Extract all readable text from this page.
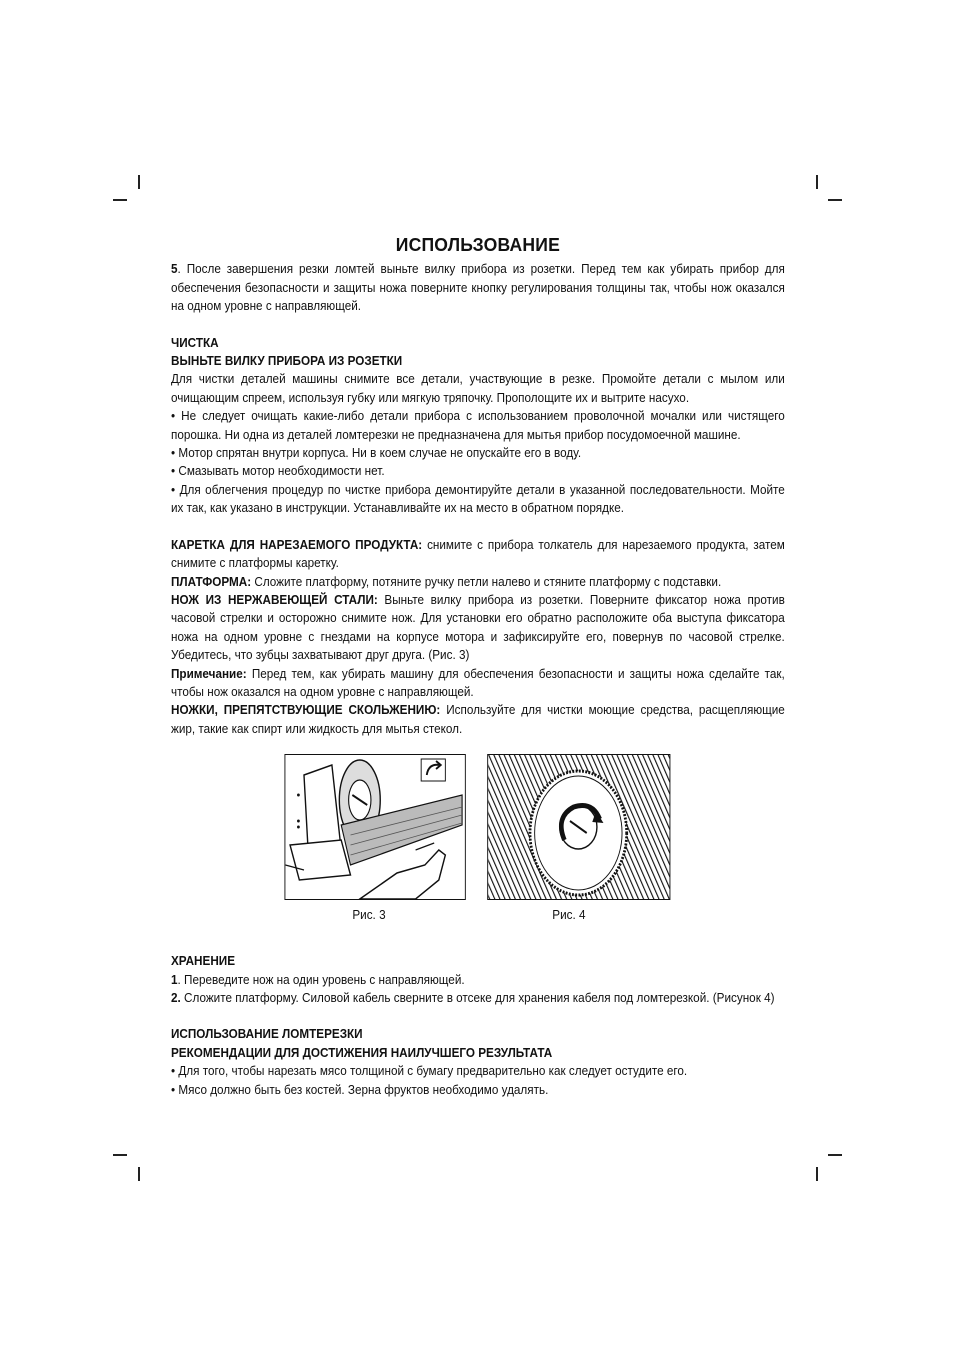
ИСПОЛЬЗОВАНИЕ

5. После завершения резки ломтей выньте вилку прибора из розетки. Перед тем как убирать прибор для обеспечения безопасности и защиты ножа поверните кнопку регулирования толщины так, чтобы нож оказался на одном уровне с направляющей.

ЧИСТКА

ВЫНЬТЕ ВИЛКУ ПРИБОРА ИЗ РОЗЕТКИ

Для чистки деталей машины снимите все детали, участвующие в резке. Промойте детали с мылом или очищающим спреем, используя губку или мягкую тряпочку. Прополощите их и вытрите насухо.

• Не следует очищать какие-либо детали прибора с использованием проволочной мочалки или чистящего порошка. Ни одна из деталей ломтерезки не предназначена для мытья прибор посудомоечной машине.

• Мотор спрятан внутри корпуса. Ни в коем случае не опускайте его в воду.

• Смазывать мотор необходимости нет.

• Для облегчения процедур по чистке прибора демонтируйте детали в указанной последовательности. Мойте их так, как указано в инструкции. Устанавливайте их на место в обратном порядке.

КАРЕТКА ДЛЯ НАРЕЗАЕМОГО ПРОДУКТА: снимите с прибора толкатель для нарезаемого продукта, затем снимите с платформы каретку.

ПЛАТФОРМА: Сложите платформу, потяните ручку петли налево и стяните платформу с подставки.

НОЖ ИЗ НЕРЖАВЕЮЩЕЙ СТАЛИ: Выньте вилку прибора из розетки. Поверните фиксатор ножа против часовой стрелки и осторожно снимите нож. Для установки его обратно расположите оба выступа фиксатора ножа на одном уровне с гнездами на корпусе мотора и зафиксируйте его, повернув по часовой стрелке. Убедитесь, что зубцы захватывают друг друга. (Рис. 3)

Примечание: Перед тем, как убирать машину для обеспечения безопасности и защиты ножа сделайте так, чтобы нож оказался на одном уровне с направляющей.

НОЖКИ, ПРЕПЯТСТВУЮЩИЕ СКОЛЬЖЕНИЮ: Используйте для чистки моющие средства, расщепляющие жир, такие как спирт или жидкость для мытья стекол.

Рис. 3	Рис. 4

ХРАНЕНИЕ

1. Переведите нож на один уровень с направляющей.

2. Сложите платформу. Силовой кабель сверните в отсеке для хранения кабеля под ломтерезкой. (Рисунок 4)

ИСПОЛЬЗОВАНИЕ ЛОМТЕРЕЗКИ

РЕКОМЕНДАЦИИ ДЛЯ ДОСТИЖЕНИЯ НАИЛУЧШЕГО РЕЗУЛЬТАТА

• Для того, чтобы нарезать мясо толщиной с бумагу предварительно как следует остудите его.

• Мясо должно быть без костей. Зерна фруктов необходимо удалять.
